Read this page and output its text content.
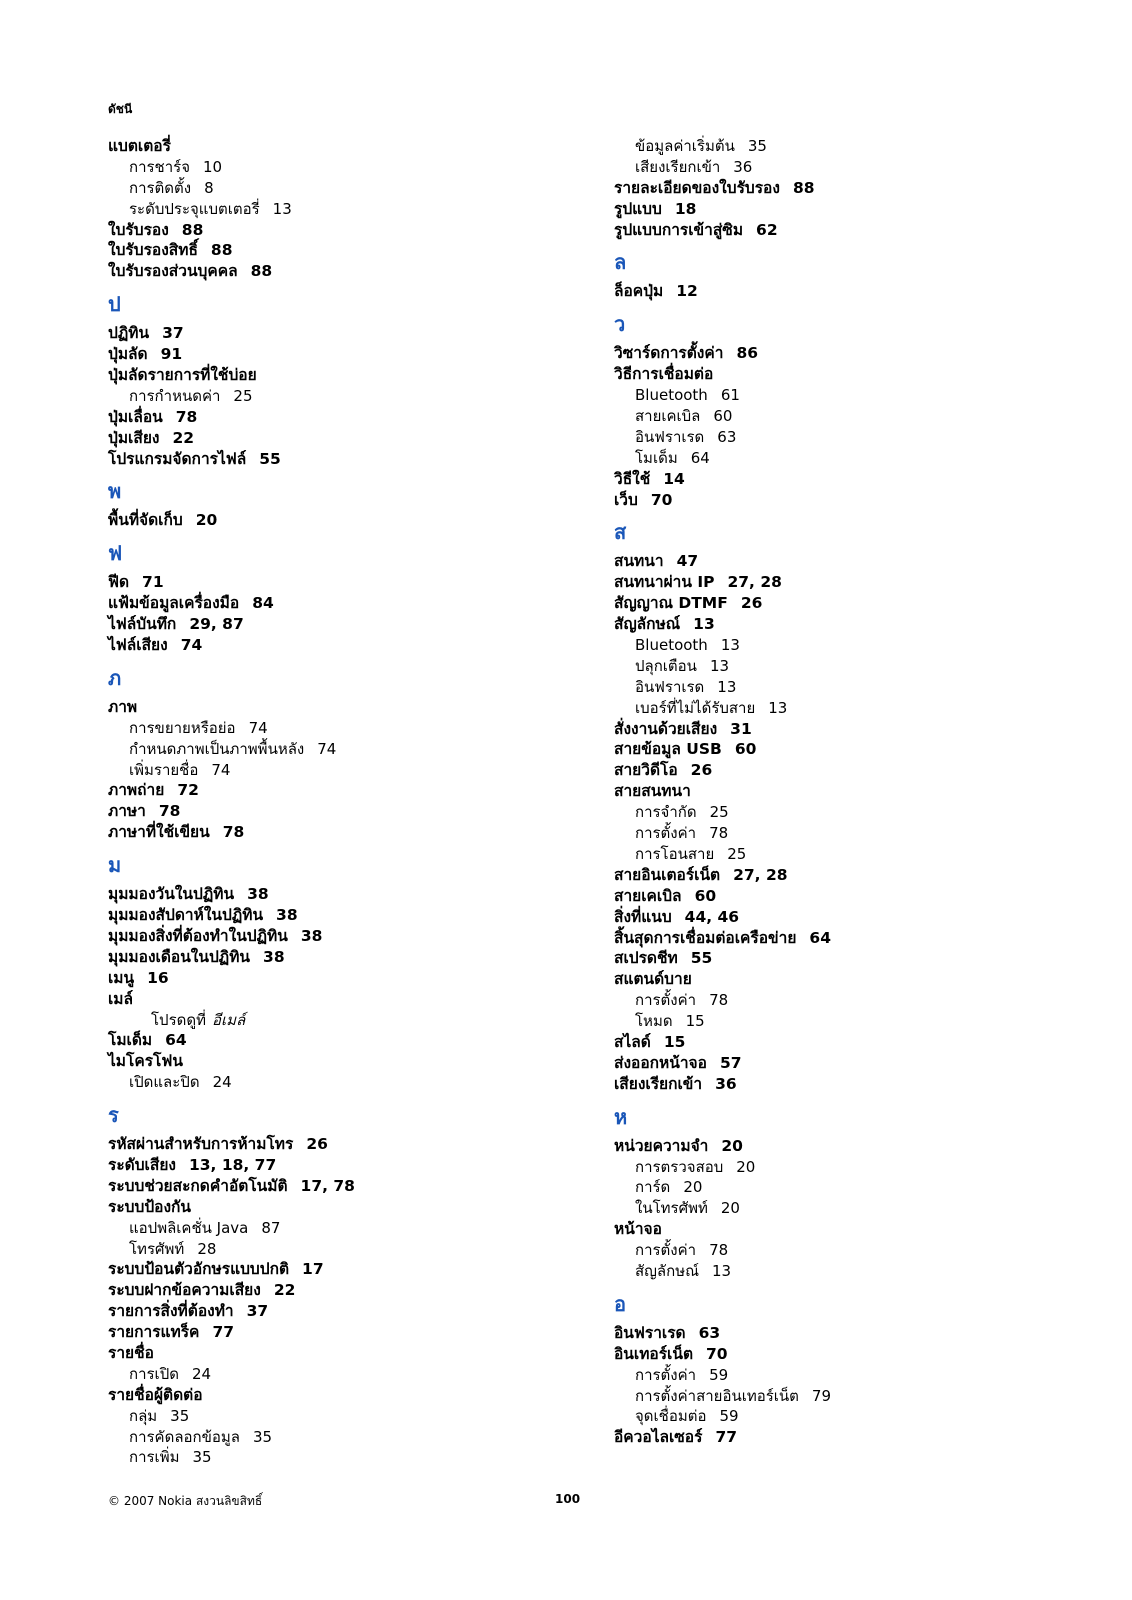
ดัชนี
แบตเตอรี่
การชาร์จ 10
การติดตั้ง 8
ระดับประจุแบตเตอรี่ 13
ใบรับรอง 88
ใบรับรองสิทธิ์ 88
ใบรับรองส่วนบุคคล 88
ป
ปฏิทิน 37
ปุ่มลัด 91
ปุ่มลัดรายการที่ใช้บ่อย
การกำหนดค่า 25
ปุ่มเลื่อน 78
ปุ่มเสียง 22
โปรแกรมจัดการไฟล์ 55
พ
พื้นที่จัดเก็บ 20
ฟ
ฟีด 71
แฟ้มข้อมูลเครื่องมือ 84
ไฟล์บันทึก 29, 87
ไฟล์เสียง 74
ภ
ภาพ
การขยายหรือย่อ 74
กำหนดภาพเป็นภาพพื้นหลัง 74
เพิ่มรายชื่อ 74
ภาพถ่าย 72
ภาษา 78
ภาษาที่ใช้เขียน 78
ม
มุมมองวันในปฏิทิน 38
มุมมองสัปดาห์ในปฏิทิน 38
มุมมองสิ่งที่ต้องทำในปฏิทิน 38
มุมมองเดือนในปฏิทิน 38
เมนู 16
เมล์
โปรดดูที่ อีเมล์
โมเด็ม 64
ไมโครโฟน
เปิดและปิด 24
ร
รหัสผ่านสำหรับการห้ามโทร 26
ระดับเสียง 13, 18, 77
ระบบช่วยสะกดคำอัตโนมัติ 17, 78
ระบบป้องกัน
แอปพลิเคชั่น Java 87
โทรศัพท์ 28
ระบบป้อนตัวอักษรแบบปกติ 17
ระบบฝากข้อความเสียง 22
รายการสิ่งที่ต้องทำ 37
รายการแทร็ค 77
รายชื่อ
การเปิด 24
รายชื่อผู้ติดต่อ
กลุ่ม 35
การคัดลอกข้อมูล 35
การเพิ่ม 35
ข้อมูลค่าเริ่มต้น 35
เสียงเรียกเข้า 36
รายละเอียดของใบรับรอง 88
รูปแบบ 18
รูปแบบการเข้าสู่ซิม 62
ล
ล็อคปุ่ม 12
ว
วิซาร์ดการตั้งค่า 86
วิธีการเชื่อมต่อ
Bluetooth 61
สายเคเบิล 60
อินฟราเรด 63
โมเด็ม 64
วิธีใช้ 14
เว็บ 70
ส
สนทนา 47
สนทนาผ่าน IP 27, 28
สัญญาณ DTMF 26
สัญลักษณ์ 13
Bluetooth 13
ปลุกเตือน 13
อินฟราเรด 13
เบอร์ที่ไม่ได้รับสาย 13
สั่งงานด้วยเสียง 31
สายข้อมูล USB 60
สายวิดีโอ 26
สายสนทนา
การจำกัด 25
การตั้งค่า 78
การโอนสาย 25
สายอินเตอร์เน็ต 27, 28
สายเคเบิล 60
สิ่งที่แนบ 44, 46
สิ้นสุดการเชื่อมต่อเครือข่าย 64
สเปรดชีท 55
สแตนด์บาย
การตั้งค่า 78
โหมด 15
สไลด์ 15
ส่งออกหน้าจอ 57
เสียงเรียกเข้า 36
ห
หน่วยความจำ 20
การตรวจสอบ 20
การ์ด 20
ในโทรศัพท์ 20
หน้าจอ
การตั้งค่า 78
สัญลักษณ์ 13
อ
อินฟราเรด 63
อินเทอร์เน็ต 70
การตั้งค่า 59
การตั้งค่าสายอินเทอร์เน็ต 79
จุดเชื่อมต่อ 59
อีควอไลเซอร์ 77
© 2007 Nokia สงวนลิขสิทธิ์	100
